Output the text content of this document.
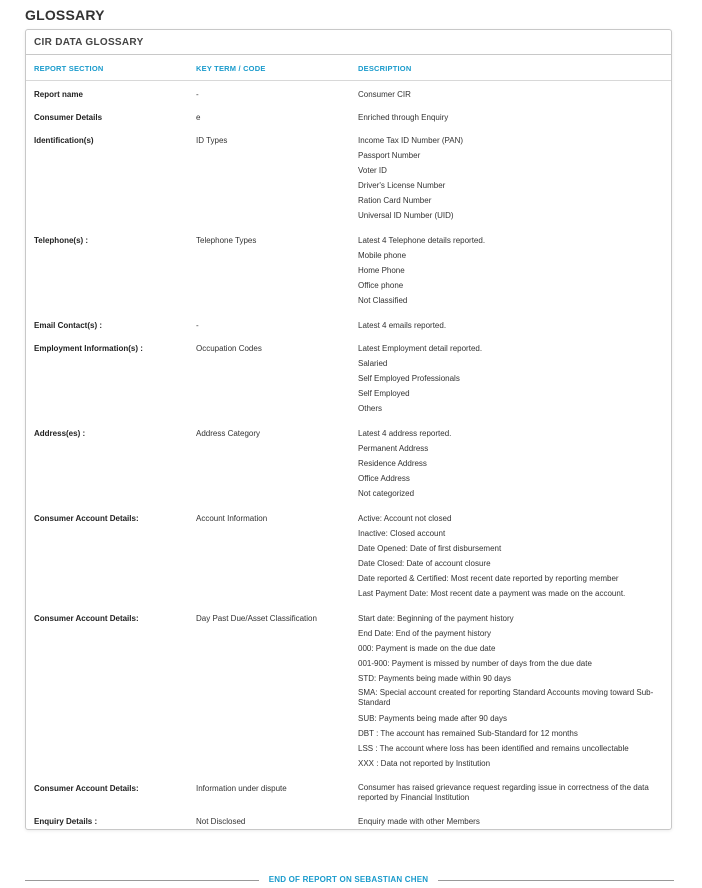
GLOSSARY
CIR DATA GLOSSARY
REPORT SECTION	KEY TERM / CODE	DESCRIPTION
Report name	-	Consumer CIR
Consumer Details	e	Enriched through Enquiry
Identification(s)	ID Types	Income Tax ID Number (PAN)
Passport Number
Voter ID
Driver's License Number
Ration Card Number
Universal ID Number (UID)
Telephone(s) :	Telephone Types	Latest 4 Telephone details reported.
Mobile phone
Home Phone
Office phone
Not Classified
Email Contact(s) :	-	Latest 4 emails reported.
Employment Information(s) :	Occupation Codes	Latest Employment detail reported.
Salaried
Self Employed Professionals
Self Employed
Others
Address(es) :	Address Category	Latest 4 address reported.
Permanent Address
Residence Address
Office Address
Not categorized
Consumer Account Details:	Account Information	Active: Account not closed
Inactive: Closed account
Date Opened: Date of first disbursement
Date Closed: Date of account closure
Date reported & Certified: Most recent date reported by reporting member
Last Payment Date: Most recent date a payment was made on the account.
Consumer Account Details:	Day Past Due/Asset Classification	Start date: Beginning of the payment history
End Date: End of the payment history
000: Payment is made on the due date
001-900: Payment is missed by number of days from the due date
STD: Payments being made within 90 days
SMA: Special account created for reporting Standard Accounts moving toward Sub-Standard
SUB: Payments being made after 90 days
DBT : The account has remained Sub-Standard for 12 months
LSS : The account where loss has been identified and remains uncollectable
XXX : Data not reported by Institution
Consumer Account Details:	Information under dispute	Consumer has raised grievance request regarding issue in correctness of the data reported by Financial Institution
Enquiry Details :	Not Disclosed	Enquiry made with other Members
END OF REPORT ON SEBASTIAN CHEN
